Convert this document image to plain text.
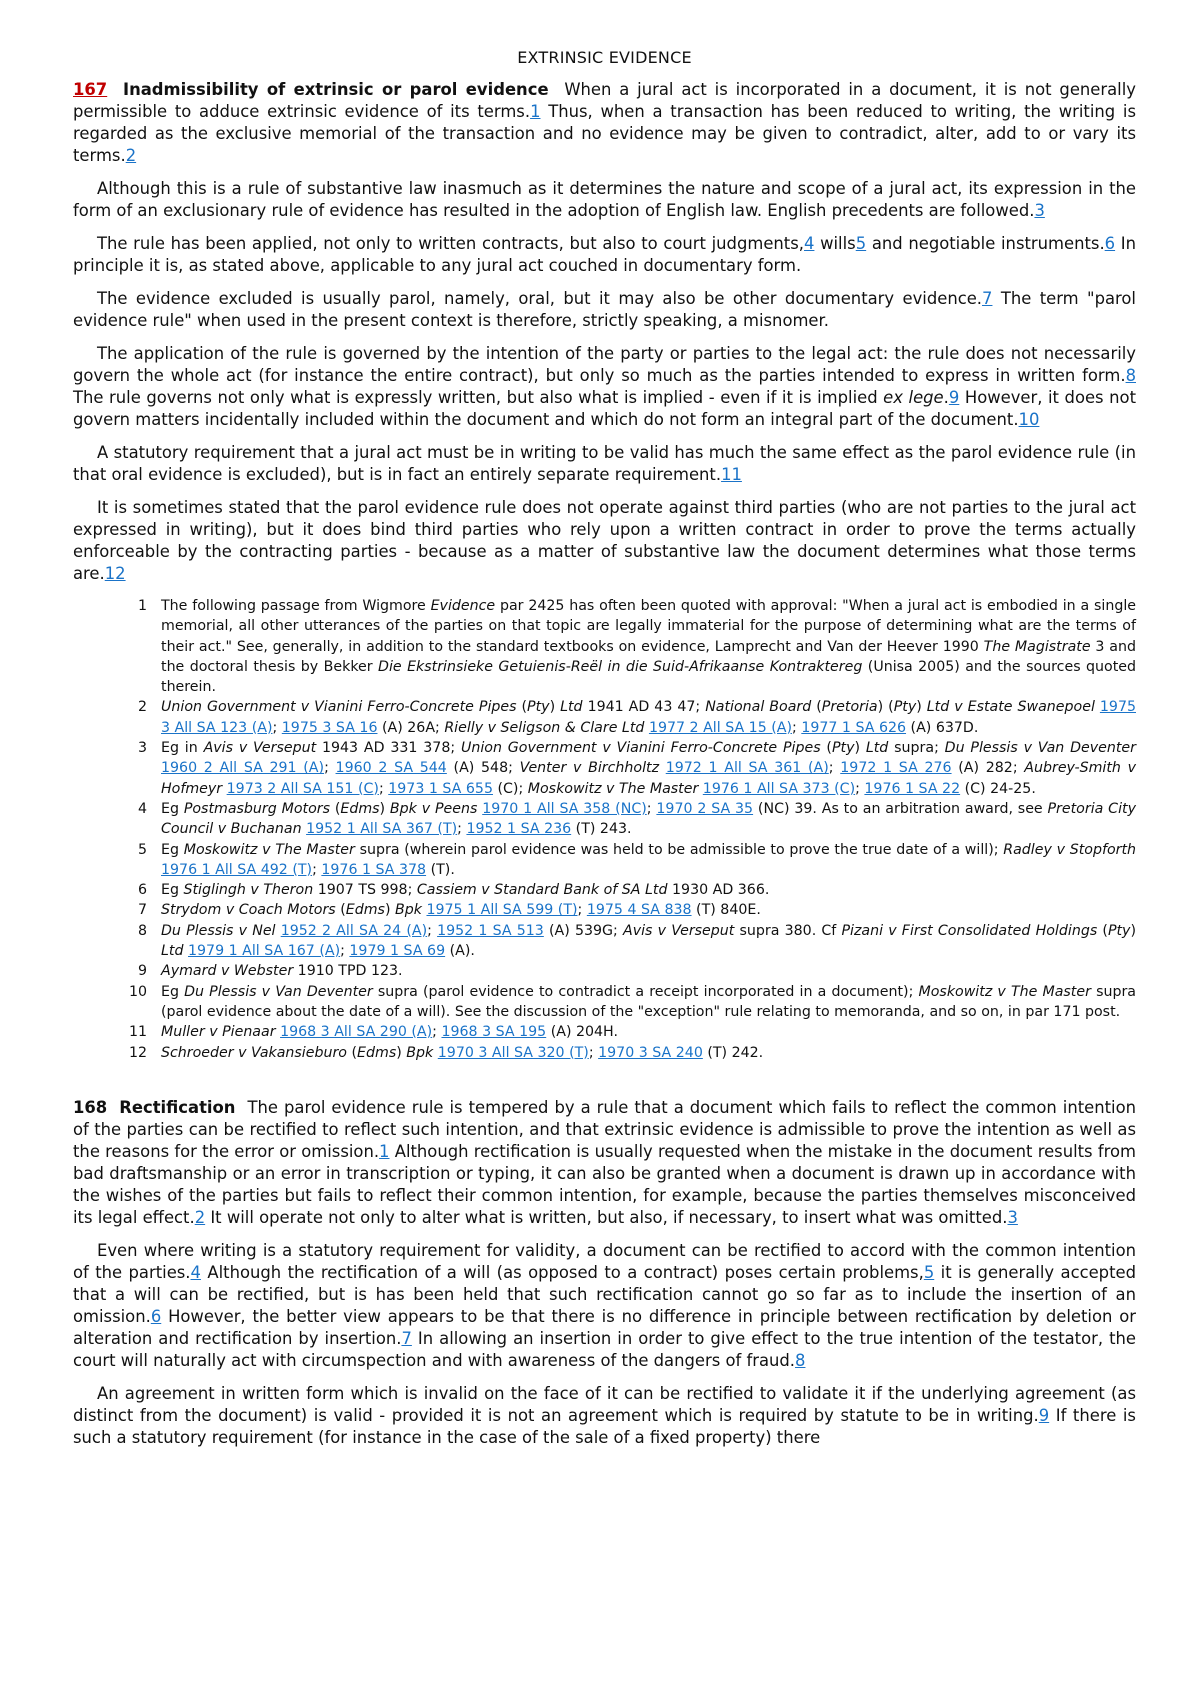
EXTRINSIC EVIDENCE

167 Inadmissibility of extrinsic or parol evidence When a jural act is incorporated in a document, it is not generally permissible to adduce extrinsic evidence of its terms.1 Thus, when a transaction has been reduced to writing, the writing is regarded as the exclusive memorial of the transaction and no evidence may be given to contradict, alter, add to or vary its terms.2

Although this is a rule of substantive law inasmuch as it determines the nature and scope of a jural act, its expression in the form of an exclusionary rule of evidence has resulted in the adoption of English law. English precedents are followed.3

The rule has been applied, not only to written contracts, but also to court judgments,4 wills5 and negotiable instruments.6 In principle it is, as stated above, applicable to any jural act couched in documentary form.

The evidence excluded is usually parol, namely, oral, but it may also be other documentary evidence.7 The term "parol evidence rule" when used in the present context is therefore, strictly speaking, a misnomer.

The application of the rule is governed by the intention of the party or parties to the legal act: the rule does not necessarily govern the whole act (for instance the entire contract), but only so much as the parties intended to express in written form.8 The rule governs not only what is expressly written, but also what is implied - even if it is implied ex lege.9 However, it does not govern matters incidentally included within the document and which do not form an integral part of the document.10

A statutory requirement that a jural act must be in writing to be valid has much the same effect as the parol evidence rule (in that oral evidence is excluded), but is in fact an entirely separate requirement.11

It is sometimes stated that the parol evidence rule does not operate against third parties (who are not parties to the jural act expressed in writing), but it does bind third parties who rely upon a written contract in order to prove the terms actually enforceable by the contracting parties - because as a matter of substantive law the document determines what those terms are.12

1 The following passage from Wigmore Evidence par 2425 has often been quoted with approval: "When a jural act is embodied in a single memorial, all other utterances of the parties on that topic are legally immaterial for the purpose of determining what are the terms of their act." See, generally, in addition to the standard textbooks on evidence, Lamprecht and Van der Heever 1990 The Magistrate 3 and the doctoral thesis by Bekker Die Ekstrinsieke Getuienis-Reël in die Suid-Afrikaanse Kontraktereg (Unisa 2005) and the sources quoted therein.
2 Union Government v Vianini Ferro-Concrete Pipes (Pty) Ltd 1941 AD 43 47; National Board (Pretoria) (Pty) Ltd v Estate Swanepoel 1975 3 All SA 123 (A); 1975 3 SA 16 (A) 26A; Rielly v Seligson & Clare Ltd 1977 2 All SA 15 (A); 1977 1 SA 626 (A) 637D.
3 Eg in Avis v Verseput 1943 AD 331 378; Union Government v Vianini Ferro-Concrete Pipes (Pty) Ltd supra; Du Plessis v Van Deventer 1960 2 All SA 291 (A); 1960 2 SA 544 (A) 548; Venter v Birchholtz 1972 1 All SA 361 (A); 1972 1 SA 276 (A) 282; Aubrey-Smith v Hofmeyr 1973 2 All SA 151 (C); 1973 1 SA 655 (C); Moskowitz v The Master 1976 1 All SA 373 (C); 1976 1 SA 22 (C) 24-25.
4 Eg Postmasburg Motors (Edms) Bpk v Peens 1970 1 All SA 358 (NC); 1970 2 SA 35 (NC) 39. As to an arbitration award, see Pretoria City Council v Buchanan 1952 1 All SA 367 (T); 1952 1 SA 236 (T) 243.
5 Eg Moskowitz v The Master supra (wherein parol evidence was held to be admissible to prove the true date of a will); Radley v Stopforth 1976 1 All SA 492 (T); 1976 1 SA 378 (T).
6 Eg Stiglingh v Theron 1907 TS 998; Cassiem v Standard Bank of SA Ltd 1930 AD 366.
7 Strydom v Coach Motors (Edms) Bpk 1975 1 All SA 599 (T); 1975 4 SA 838 (T) 840E.
8 Du Plessis v Nel 1952 2 All SA 24 (A); 1952 1 SA 513 (A) 539G; Avis v Verseput supra 380. Cf Pizani v First Consolidated Holdings (Pty) Ltd 1979 1 All SA 167 (A); 1979 1 SA 69 (A).
9 Aymard v Webster 1910 TPD 123.
10 Eg Du Plessis v Van Deventer supra (parol evidence to contradict a receipt incorporated in a document); Moskowitz v The Master supra (parol evidence about the date of a will). See the discussion of the "exception" rule relating to memoranda, and so on, in par 171 post.
11 Muller v Pienaar 1968 3 All SA 290 (A); 1968 3 SA 195 (A) 204H.
12 Schroeder v Vakansieburo (Edms) Bpk 1970 3 All SA 320 (T); 1970 3 SA 240 (T) 242.

168 Rectification The parol evidence rule is tempered by a rule that a document which fails to reflect the common intention of the parties can be rectified to reflect such intention, and that extrinsic evidence is admissible to prove the intention as well as the reasons for the error or omission.1 Although rectification is usually requested when the mistake in the document results from bad draftsmanship or an error in transcription or typing, it can also be granted when a document is drawn up in accordance with the wishes of the parties but fails to reflect their common intention, for example, because the parties themselves misconceived its legal effect.2 It will operate not only to alter what is written, but also, if necessary, to insert what was omitted.3

Even where writing is a statutory requirement for validity, a document can be rectified to accord with the common intention of the parties.4 Although the rectification of a will (as opposed to a contract) poses certain problems,5 it is generally accepted that a will can be rectified, but is has been held that such rectification cannot go so far as to include the insertion of an omission.6 However, the better view appears to be that there is no difference in principle between rectification by deletion or alteration and rectification by insertion.7 In allowing an insertion in order to give effect to the true intention of the testator, the court will naturally act with circumspection and with awareness of the dangers of fraud.8

An agreement in written form which is invalid on the face of it can be rectified to validate it if the underlying agreement (as distinct from the document) is valid - provided it is not an agreement which is required by statute to be in writing.9 If there is such a statutory requirement (for instance in the case of the sale of a fixed property) there
